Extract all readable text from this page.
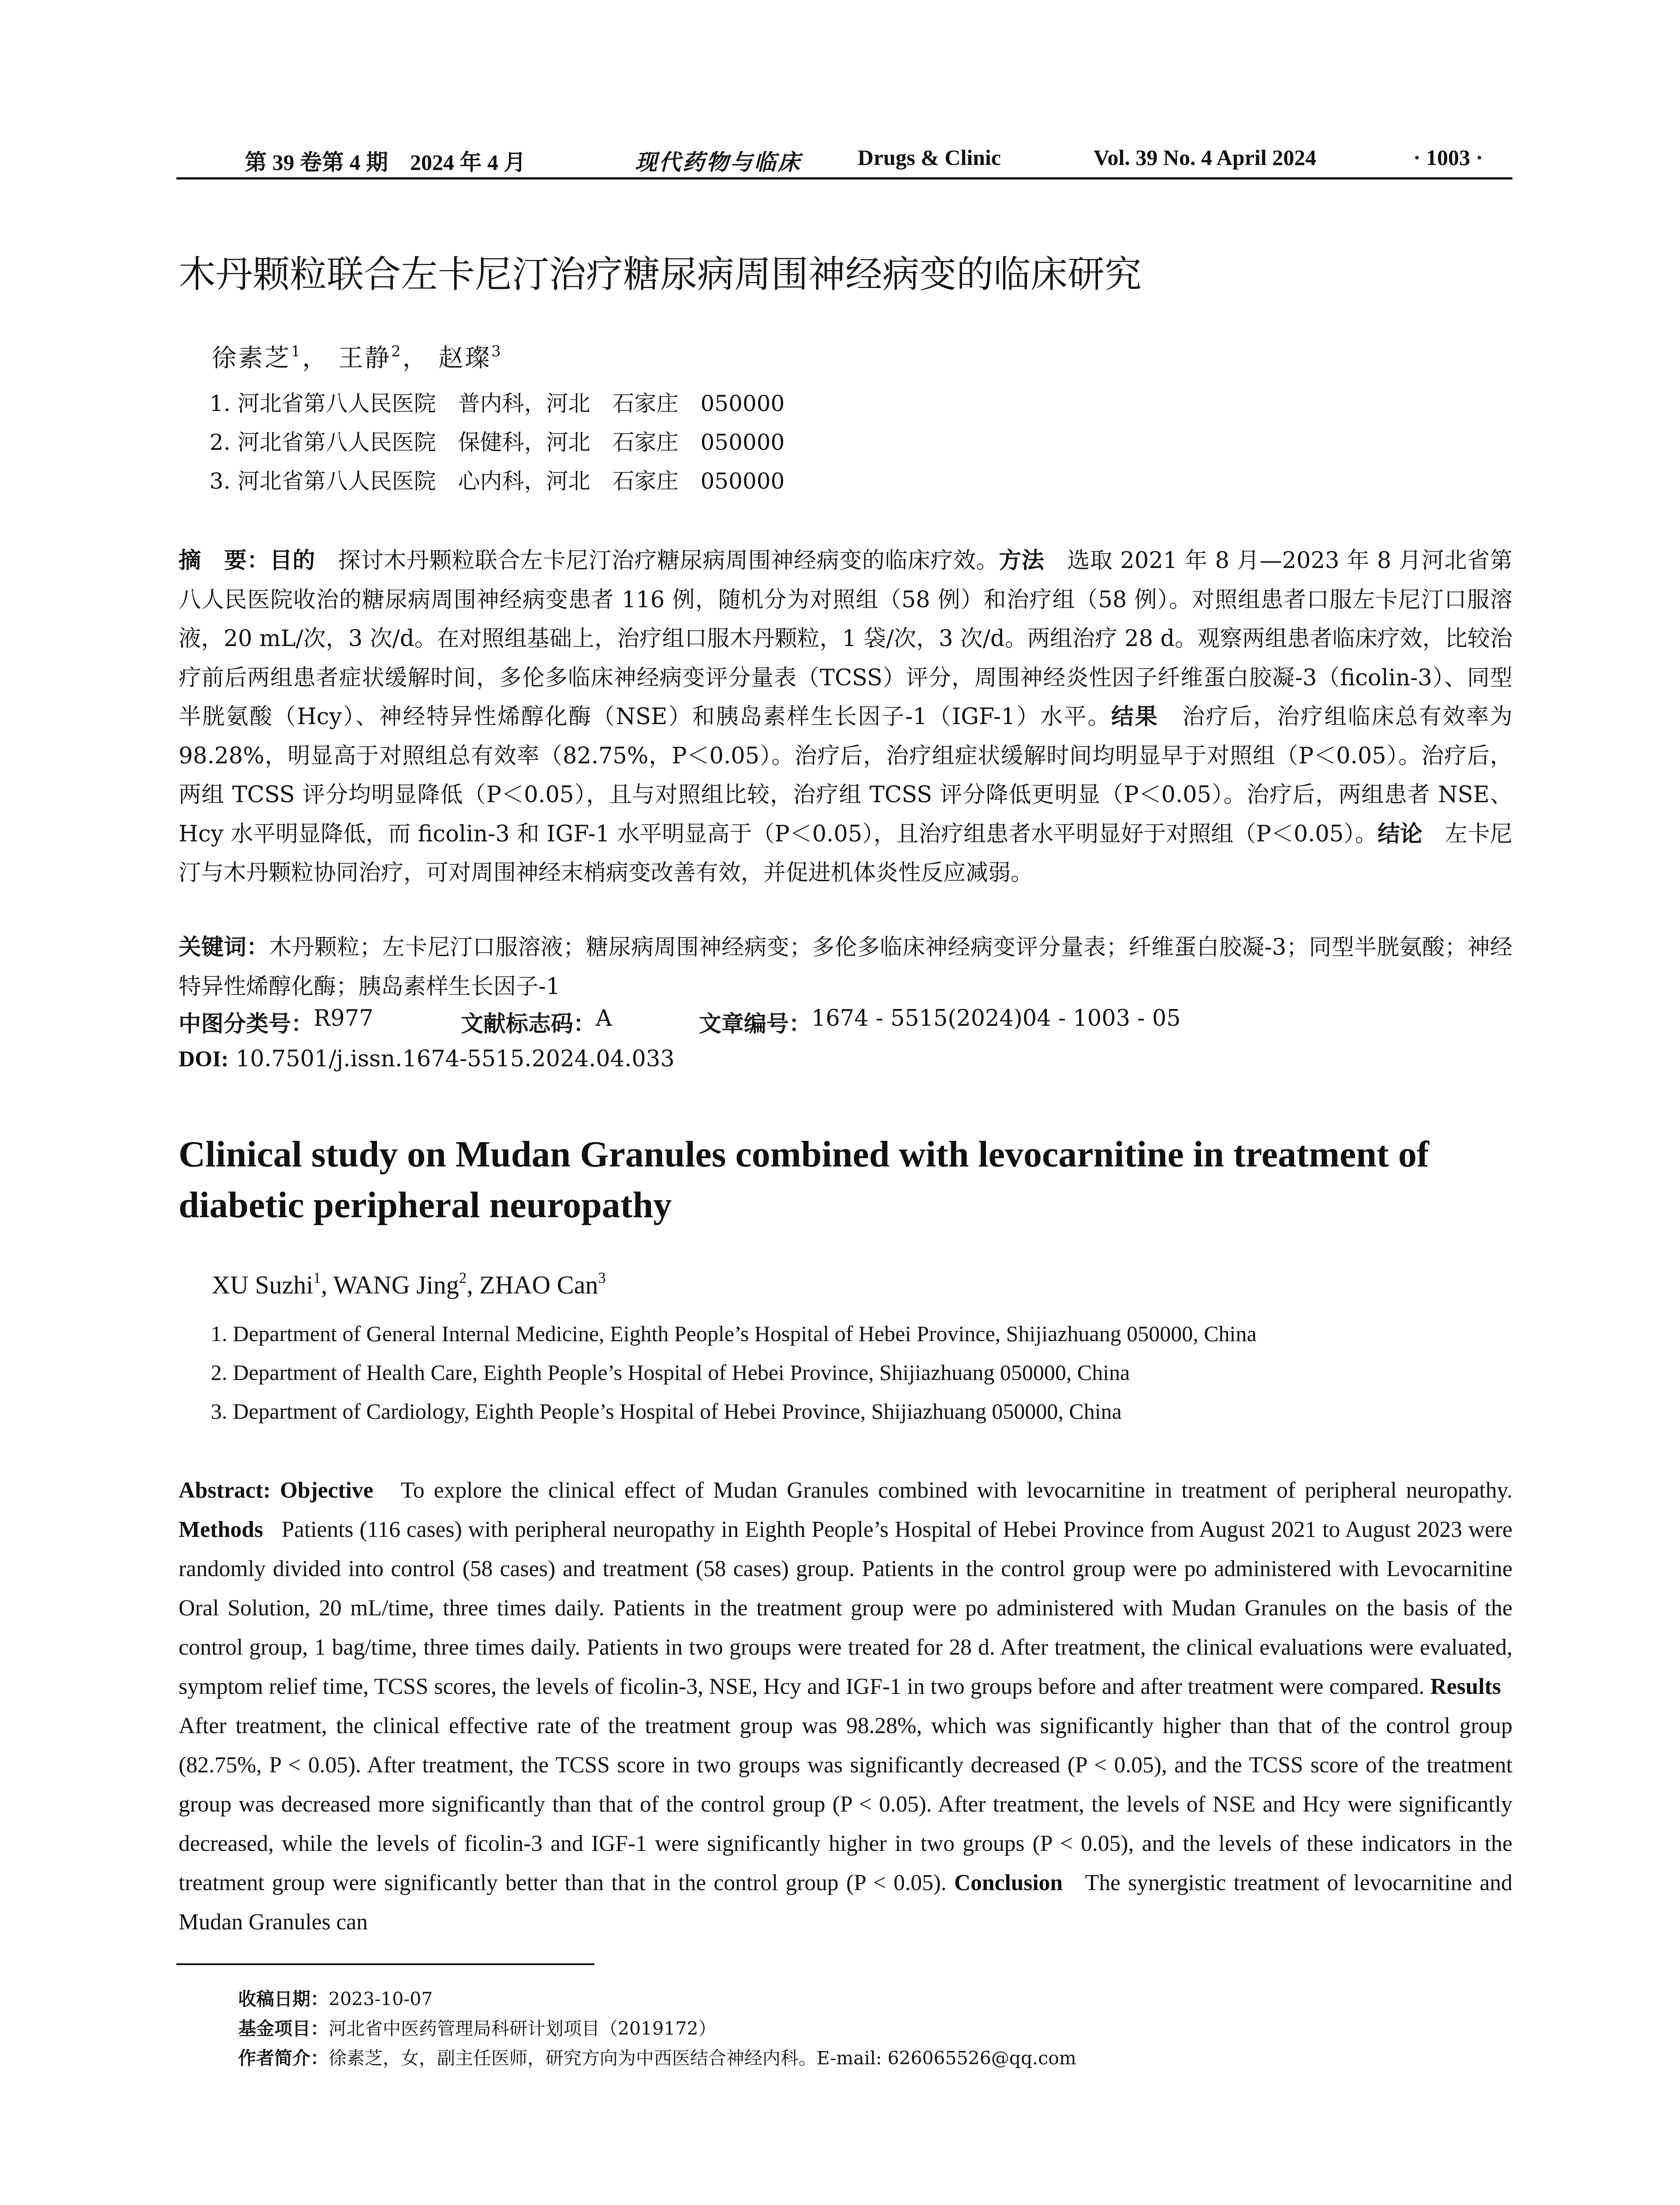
第 39 卷第 4 期　2024 年 4 月	现代药物与临床	Drugs & Clinic	Vol. 39 No. 4 April 2024	· 1003 ·
木丹颗粒联合左卡尼汀治疗糖尿病周围神经病变的临床研究
徐素芝$^1$， 王静$^2$， 赵璨$^3$
1. 河北省第八人民医院　普内科，河北　石家庄　050000
2. 河北省第八人民医院　保健科，河北　石家庄　050000
3. 河北省第八人民医院　心内科，河北　石家庄　050000

摘　要：目的　 探讨木丹颗粒联合左卡尼汀治疗糖尿病周围神经病变的临床疗效。方法　 选取 2021 年 8 月—2023 年 8 月河北省第八人民医院收治的糖尿病周围神经病变患者 116 例，随机分为对照组（58 例）和治疗组（58 例）。对照组患者口服左卡尼汀口服溶液，20 mL/次，3 次/d。在对照组基础上，治疗组口服木丹颗粒，1 袋/次，3 次/d。两组治疗 28 d。观察两组患者临床疗效，比较治疗前后两组患者症状缓解时间，多伦多临床神经病变评分量表（TCSS）评分，周围神经炎性因子纤维蛋白胶凝-3（ficolin-3）、同型半胱氨酸（Hcy）、神经特异性烯醇化酶（NSE）和胰岛素样生长因子-1（IGF-1）水平。结果　 治疗后，治疗组临床总有效率为 98.28%，明显高于对照组总有效率（82.75%，P＜0.05）。治疗后，治疗组症状缓解时间均明显早于对照组（P＜0.05）。治疗后，两组 TCSS 评分均明显降低（P＜0.05），且与对照组比较，治疗组 TCSS 评分降低更明显（P＜0.05）。治疗后，两组患者 NSE、Hcy 水平明显降低，而 ficolin-3 和 IGF-1 水平明显高于（P＜0.05），且治疗组患者水平明显好于对照组（P＜0.05）。结论　 左卡尼汀与木丹颗粒协同治疗，可对周围神经末梢病变改善有效，并促进机体炎性反应减弱。

关键词：木丹颗粒；左卡尼汀口服溶液；糖尿病周围神经病变；多伦多临床神经病变评分量表；纤维蛋白胶凝-3；同型半胱氨酸；神经特异性烯醇化酶；胰岛素样生长因子-1

中图分类号： R977	文献标志码： A	文章编号： 1674 - 5515(2024)04 - 1003 - 05
DOI: 10.7501/j.issn.1674-5515.2024.04.033
Clinical study on Mudan Granules combined with levocarnitine in treatment of diabetic peripheral neuropathy
XU Suzhi$^1$, WANG Jing$^2$, ZHAO Can$^3$
1. Department of General Internal Medicine, Eighth People’s Hospital of Hebei Province, Shijiazhuang 050000, China
2. Department of Health Care, Eighth People’s Hospital of Hebei Province, Shijiazhuang 050000, China
3. Department of Cardiology, Eighth People’s Hospital of Hebei Province, Shijiazhuang 050000, China

Abstract: Objective To explore the clinical effect of Mudan Granules combined with levocarnitine in treatment of peripheral neuropathy. Methods Patients (116 cases) with peripheral neuropathy in Eighth People’s Hospital of Hebei Province from August 2021 to August 2023 were randomly divided into control (58 cases) and treatment (58 cases) group. Patients in the control group were po administered with Levocarnitine Oral Solution, 20 mL/time, three times daily. Patients in the treatment group were po administered with Mudan Granules on the basis of the control group, 1 bag/time, three times daily. Patients in two groups were treated for 28 d. After treatment, the clinical evaluations were evaluated, symptom relief time, TCSS scores, the levels of ficolin-3, NSE, Hcy and IGF-1 in two groups before and after treatment were compared. Results   After treatment, the clinical effective rate of the treatment group was 98.28%, which was significantly higher than that of the control group (82.75%, P < 0.05). After treatment, the TCSS score in two groups was significantly decreased (P < 0.05), and the TCSS score of the treatment group was decreased more significantly than that of the control group (P < 0.05). After treatment, the levels of NSE and Hcy were significantly decreased, while the levels of ficolin-3 and IGF-1 were significantly higher in two groups (P < 0.05), and the levels of these indicators in the treatment group were significantly better than that in the control group (P < 0.05). Conclusion The synergistic treatment of levocarnitine and Mudan Granules can

收稿日期：2023-10-07
基金项目：河北省中医药管理局科研计划项目（2019172）
作者简介：徐素芝，女，副主任医师，研究方向为中西医结合神经内科。E-mail: 626065526@qq.com
